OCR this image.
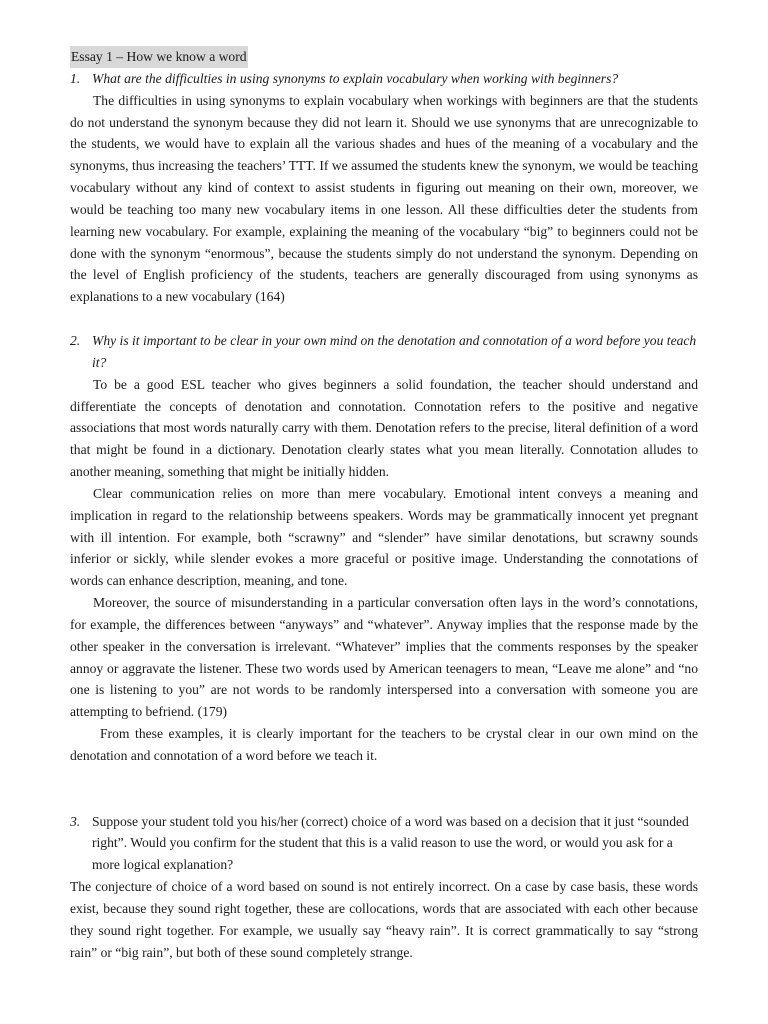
Essay 1 – How we know a word
1. What are the difficulties in using synonyms to explain vocabulary when working with beginners?

The difficulties in using synonyms to explain vocabulary when workings with beginners are that the students do not understand the synonym because they did not learn it. Should we use synonyms that are unrecognizable to the students, we would have to explain all the various shades and hues of the meaning of a vocabulary and the synonyms, thus increasing the teachers’ TTT. If we assumed the students knew the synonym, we would be teaching vocabulary without any kind of context to assist students in figuring out meaning on their own, moreover, we would be teaching too many new vocabulary items in one lesson. All these difficulties deter the students from learning new vocabulary. For example, explaining the meaning of the vocabulary “big” to beginners could not be done with the synonym “enormous”, because the students simply do not understand the synonym. Depending on the level of English proficiency of the students, teachers are generally discouraged from using synonyms as explanations to a new vocabulary (164)

2. Why is it important to be clear in your own mind on the denotation and connotation of a word before you teach it?

To be a good ESL teacher who gives beginners a solid foundation, the teacher should understand and differentiate the concepts of denotation and connotation. Connotation refers to the positive and negative associations that most words naturally carry with them. Denotation refers to the precise, literal definition of a word that might be found in a dictionary. Denotation clearly states what you mean literally. Connotation alludes to another meaning, something that might be initially hidden.

Clear communication relies on more than mere vocabulary. Emotional intent conveys a meaning and implication in regard to the relationship betweens speakers. Words may be grammatically innocent yet pregnant with ill intention. For example, both “scrawny” and “slender” have similar denotations, but scrawny sounds inferior or sickly, while slender evokes a more graceful or positive image. Understanding the connotations of words can enhance description, meaning, and tone.

Moreover, the source of misunderstanding in a particular conversation often lays in the word’s connotations, for example, the differences between “anyways” and “whatever”. Anyway implies that the response made by the other speaker in the conversation is irrelevant. “Whatever” implies that the comments responses by the speaker annoy or aggravate the listener. These two words used by American teenagers to mean, “Leave me alone” and “no one is listening to you” are not words to be randomly interspersed into a conversation with someone you are attempting to befriend. (179)

From these examples, it is clearly important for the teachers to be crystal clear in our own mind on the denotation and connotation of a word before we teach it.

3. Suppose your student told you his/her (correct) choice of a word was based on a decision that it just “sounded right”. Would you confirm for the student that this is a valid reason to use the word, or would you ask for a more logical explanation?

The conjecture of choice of a word based on sound is not entirely incorrect. On a case by case basis, these words exist, because they sound right together, these are collocations, words that are associated with each other because they sound right together. For example, we usually say “heavy rain”. It is correct grammatically to say “strong rain” or “big rain”, but both of these sound completely strange.
